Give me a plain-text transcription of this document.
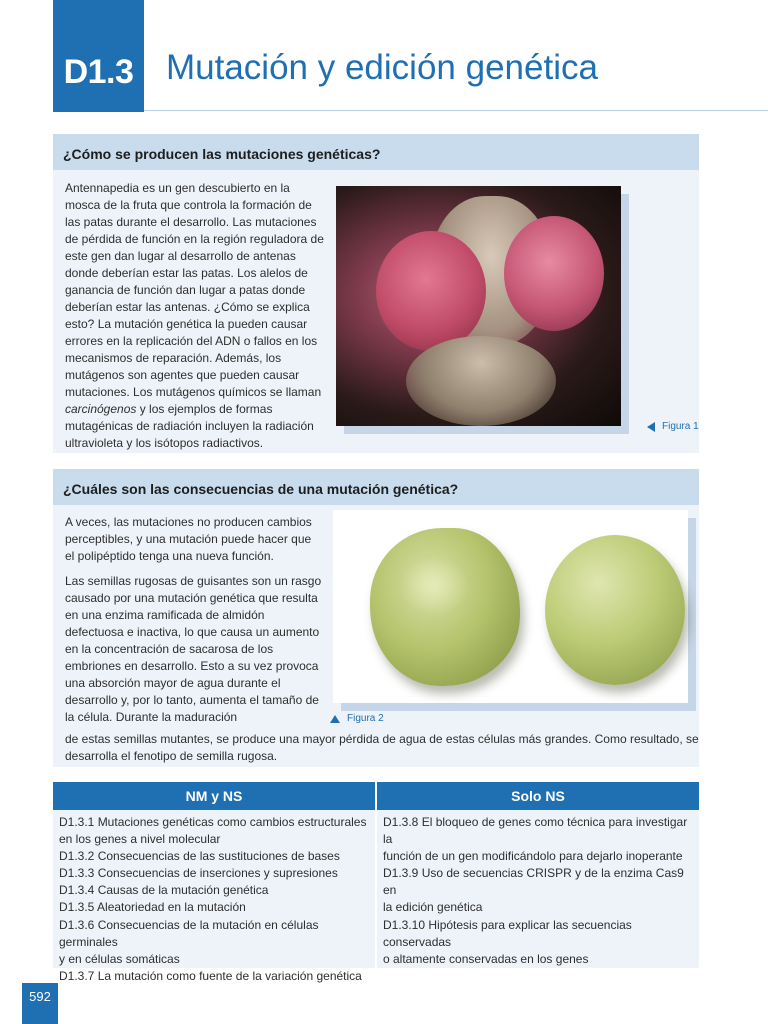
D1.3 Mutación y edición genética
¿Cómo se producen las mutaciones genéticas?

Antennapedia es un gen descubierto en la mosca de la fruta que controla la formación de las patas durante el desarrollo. Las mutaciones de pérdida de función en la región reguladora de este gen dan lugar al desarrollo de antenas donde deberían estar las patas. Los alelos de ganancia de función dan lugar a patas donde deberían estar las antenas. ¿Cómo se explica esto? La mutación genética la pueden causar errores en la replicación del ADN o fallos en los mecanismos de reparación. Además, los mutágenos son agentes que pueden causar mutaciones. Los mutágenos químicos se llaman carcinógenos y los ejemplos de formas mutagénicas de radiación incluyen la radiación ultravioleta y los isótopos radiactivos.

Figura 1
¿Cuáles son las consecuencias de una mutación genética?

A veces, las mutaciones no producen cambios perceptibles, y una mutación puede hacer que el polipéptido tenga una nueva función.

Las semillas rugosas de guisantes son un rasgo causado por una mutación genética que resulta en una enzima ramificada de almidón defectuosa e inactiva, lo que causa un aumento en la concentración de sacarosa de los embriones en desarrollo. Esto a su vez provoca una absorción mayor de agua durante el desarrollo y, por lo tanto, aumenta el tamaño de la célula. Durante la maduración

de estas semillas mutantes, se produce una mayor pérdida de agua de estas células más grandes. Como resultado, se
desarrolla el fenotipo de semilla rugosa.
Figura 2
NM y NS	Solo NS
D1.3.1 Mutaciones genéticas como cambios estructurales
en los genes a nivel molecular
D1.3.2 Consecuencias de las sustituciones de bases
D1.3.3 Consecuencias de inserciones y supresiones
D1.3.4 Causas de la mutación genética
D1.3.5 Aleatoriedad en la mutación
D1.3.6 Consecuencias de la mutación en células germinales
y en células somáticas
D1.3.7 La mutación como fuente de la variación genética
D1.3.8 El bloqueo de genes como técnica para investigar la
función de un gen modificándolo para dejarlo inoperante
D1.3.9 Uso de secuencias CRISPR y de la enzima Cas9 en
la edición genética
D1.3.10 Hipótesis para explicar las secuencias conservadas
o altamente conservadas en los genes
592
